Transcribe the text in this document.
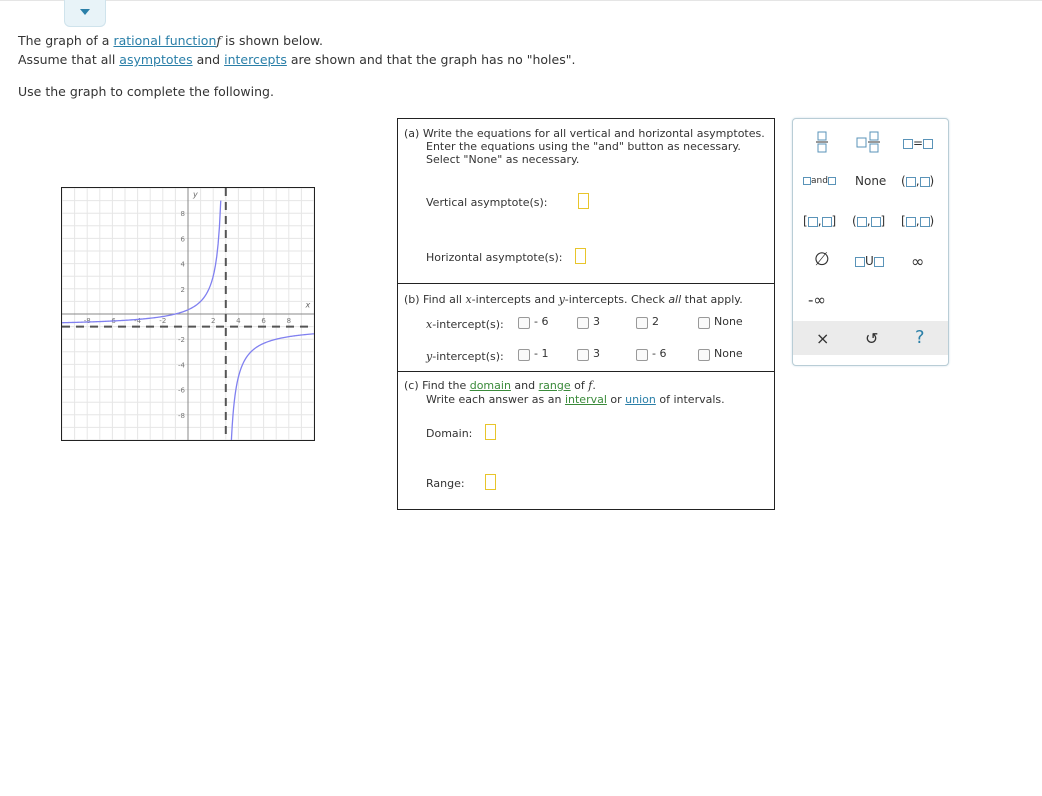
The graph of a rational functionf is shown below.
Assume that all asymptotes and intercepts are shown and that the graph has no "holes".
Use the graph to complete the following.
x
y
-8	-6	-4	-2	2	4	6	8
8
6
4
2
-2
-4
-6
-8
(a) Write the equations for all vertical and horizontal asymptotes.
Enter the equations using the "and" button as necessary.
Select "None" as necessary.
Vertical asymptote(s):
Horizontal asymptote(s):
(b) Find all x-intercepts and y-intercepts. Check all that apply.
x-intercept(s):	- 6	3	2	None
y-intercept(s):	- 1	3	- 6	None
(c) Find the domain and range of f.
Write each answer as an interval or union of intervals.
Domain:
Range:
=
and	None ( , )
[ , ] ( , ] [ , )
∅	U	∞
-∞
× ↺ ?
